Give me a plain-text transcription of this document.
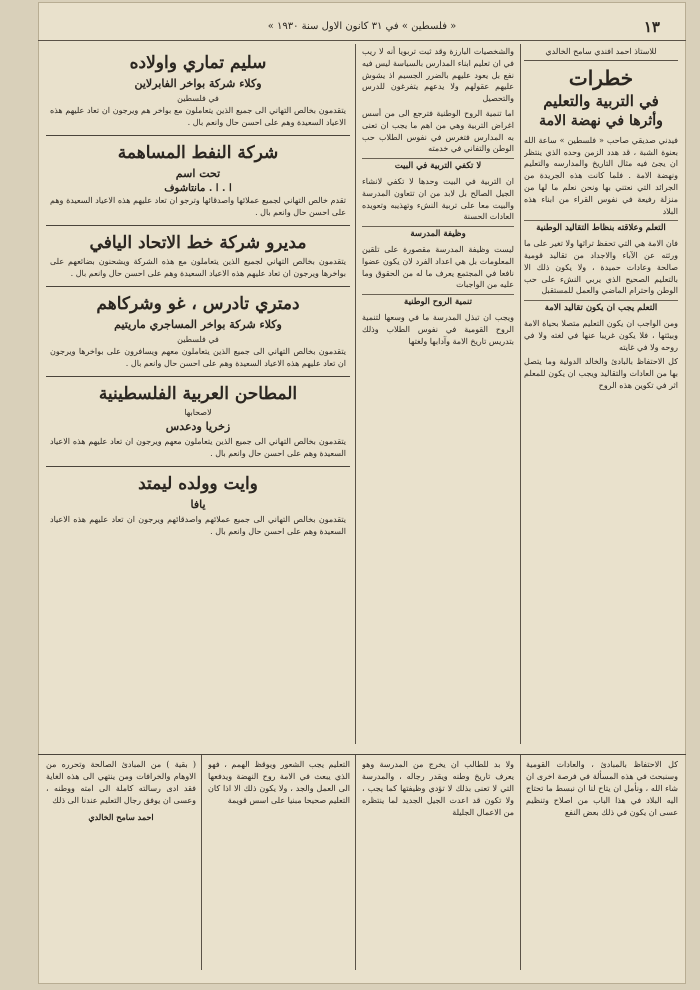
١٣
« فلسطين » في ٣١ كانون الاول سنة ١٩٣٠ »
للاستاذ احمد افندي سامح الخالدي
خطرات
في التربية والتعليم
وأثرها في نهضة الامة

فيدني صديقي صاحب « فلسطين » ساعة الله بعنوة الشبة ، قد هدد الزمن وحده الذي ينتظر ان يجئ فيه مثال التاريخ والمدارسه والتعليم ونهضة الامة . فلما كانت هذه الجريدة من الجرائد التي نعتني بها ونحن نعلم ما لها من منزلة رفيعة في نفوس القراء من ابناء هذه البلاد

التعلم وعلاقته بنظاط التقاليد الوطنية

فان الامة هي التي تحفظ تراثها ولا تغير على ما ورثته عن الآباء والاجداد من تقاليد قومية صالحة وعادات حميدة ، ولا يكون ذلك الا بالتعليم الصحيح الذي يربي النشء على حب الوطن واحترام الماضي والعمل للمستقبل

التعلم يجب ان يكون تقاليد الامة

ومن الواجب ان يكون التعليم متصلا بحياة الامة وبيئتها ، فلا يكون غريبا عنها في لغته ولا في روحه ولا في غايته

كل الاحتفاظ بالبادئ والخالد الدولية وما يتصل بها من العادات والتقاليد ويجب ان يكون للمعلم اثر في تكوين هذه الروح

والشخصيات البارزة وقد ثبت تربويا أنه لا ريب في ان تعليم ابناء المدارس بالسياسة ليس فيه نفع بل يعود عليهم بالضرر الجسيم اذ يشوش عليهم عقولهم ولا يدعهم يتفرغون للدرس والتحصيل

اما تنمية الروح الوطنية فترجع الى من أسس اغراض التربية وهي من اهم ما يجب ان تعنى به المدارس فتغرس في نفوس الطلاب حب الوطن والتفاني في خدمته

لا تكفي التربية في البيت

ان التربية في البيت وحدها لا تكفي لانشاء الجيل الصالح بل لابد من ان تتعاون المدرسة والبيت معا على تربية النشء وتهذيبه وتعويده العادات الحسنة

وظيفة المدرسة

ليست وظيفة المدرسة مقصورة على تلقين المعلومات بل هي اعداد الفرد لان يكون عضوا نافعا في المجتمع يعرف ما له من الحقوق وما عليه من الواجبات

تنمية الروح الوطنية

ويجب ان تبذل المدرسة ما في وسعها لتنمية الروح القومية في نفوس الطلاب وذلك بتدريس تاريخ الامة وآدابها ولغتها

سليم تماري واولاده
وكلاء شركة بواخر الفابرلاين
في فلسطين
يتقدمون بخالص التهاني الى جميع الذين يتعاملون مع بواخر هم ويرجون ان تعاد عليهم هذه الاعياد السعيدة وهم على احسن حال وانعم بال .
شركة النفط المساهمة
تحت اسم
ا . ا . مانتاشوف
تقدم خالص التهاني لجميع عملائها واصدقائها وترجو ان تعاد عليهم هذه الاعياد السعيدة وهم على احسن حال وانعم بال .
مديرو شركة خط الاتحاد اليافي
يتقدمون بخالص التهاني لجميع الذين يتعاملون مع هذه الشركة ويشحنون بضائعهم على بواخرها ويرجون ان تعاد عليهم هذه الاعياد السعيدة وهم على احسن حال وانعم بال .
دمتري تادرس ، غو وشركاهم
وكلاء شركة بواخر المساجري ماريتيم
في فلسطين
يتقدمون بخالص التهاني الى جميع الذين يتعاملون معهم ويسافرون على بواخرها ويرجون ان تعاد عليهم هذه الاعياد السعيدة وهم على احسن حال وانعم بال .
المطاحن العربية الفلسطينية
لاصحابها
زخريا ودعدس
يتقدمون بخالص التهاني الى جميع الذين يتعاملون معهم ويرجون ان تعاد عليهم هذه الاعياد السعيدة وهم على احسن حال وانعم بال .
وايت وولده ليمتد
يافا
يتقدمون بخالص التهاني الى جميع عملائهم واصدقائهم ويرجون ان تعاد عليهم هذه الاعياد السعيدة وهم على احسن حال وانعم بال .
كل الاحتفاظ بالمبادئ ، والعادات القومية وسنبحث في هذه المسألة في فرصة اخرى ان شاء الله ، ونأمل ان يتاح لنا ان نبسط ما تحتاج اليه البلاد في هذا الباب من اصلاح وتنظيم عسى ان يكون في ذلك بعض النفع
ولا بد للطالب ان يخرج من المدرسة وهو يعرف تاريخ وطنه ويقدر رجاله ، والمدرسة التي لا تعنى بذلك لا تؤدي وظيفتها كما يجب ، ولا تكون قد اعدت الجيل الجديد لما ينتظره من الاعمال الجليلة
التعليم يجب الشعور ويوقظ الهمم ، فهو الذي يبعث في الامة روح النهضة ويدفعها الى العمل والجد ، ولا يكون ذلك الا اذا كان التعليم صحيحا مبنيا على اسس قويمة
( بقية ) من المبادئ الصالحة وتحرره من الاوهام والخرافات ومن ينتهي الى هذه الغاية فقد ادى رسالته كاملة الى امته ووطنه ، وعسى ان يوفق رجال التعليم عندنا الى ذلك
احمد سامح الخالدي
